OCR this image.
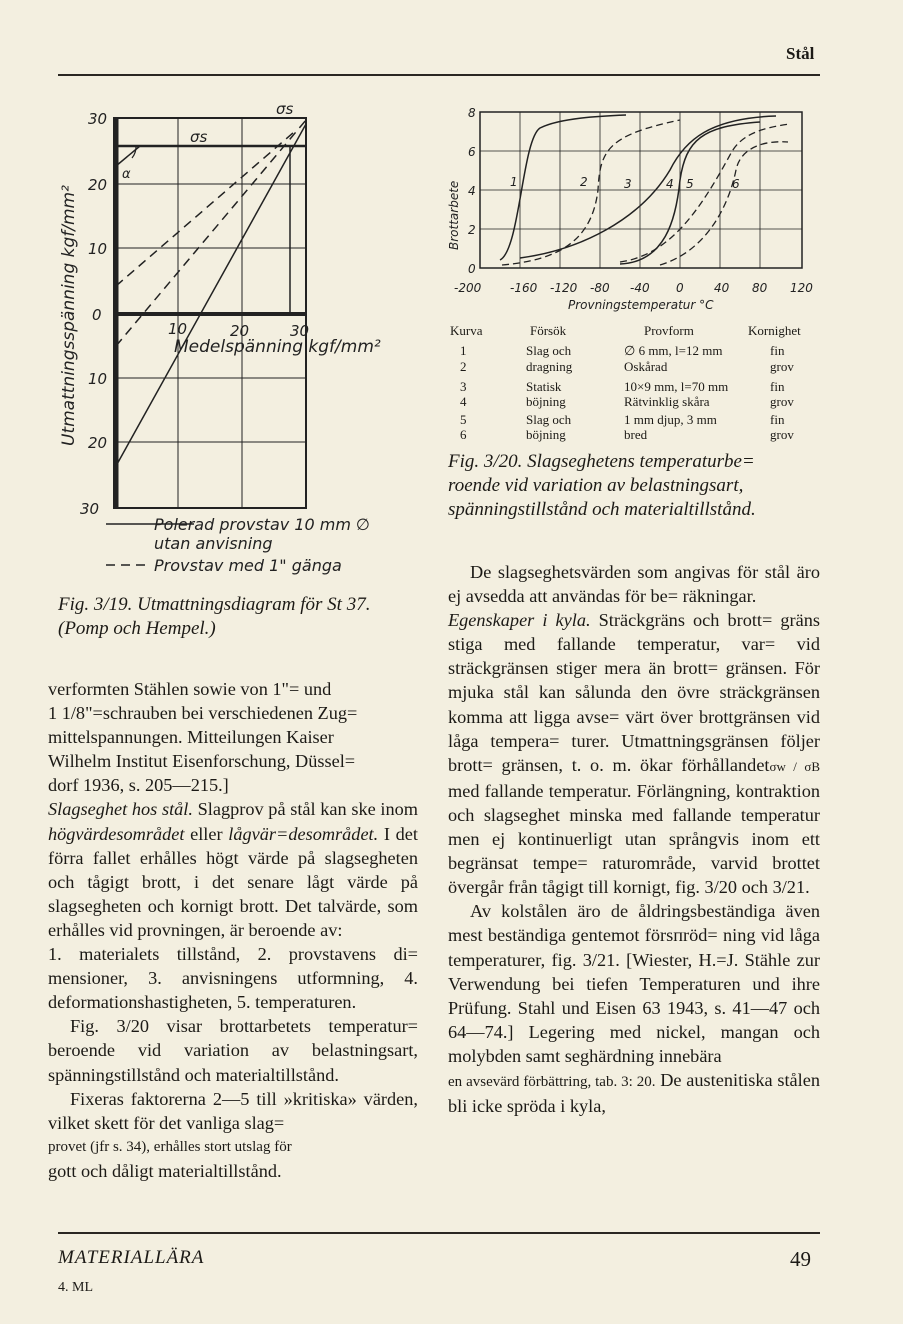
Stål
30
20
10
0
10
20
30
10	20	30
σs
σs
α
Medelspänning kgf/mm²
Utmattningsspänning kgf/mm²
Polerad provstav 10 mm ∅
utan anvisning
Provstav med 1" gänga
Fig. 3/19. Utmattningsdiagram för St 37.
(Pomp och Hempel.)
8
6
4
2
0
-200 -160 -120 -80 -40 0	40 80 120
Provningstemperatur °C
Brottarbete	1	2	3	4 5	6
Kurva	Försök	Provform	Kornighet
1	Slag och	∅ 6 mm, l=12 mm	fin
2	dragning	Oskårad	grov
3	Statisk	10×9 mm, l=70 mm	fin
4	böjning	Rätvinklig skåra	grov
5	Slag och	1 mm djup, 3 mm	fin
6	böjning	bred	grov
Fig. 3/20. Slagseghetens temperaturbe=
roende vid variation av belastningsart,
spänningstillstånd och materialtillstånd.

verformten Stählen sowie von 1"= und

1 1/8"=schrauben bei verschiedenen Zug=

mittelspannungen. Mitteilungen Kaiser

Wilhelm Institut Eisenforschung, Düssel=

dorf 1936, s. 205—215.]

Slagseghet hos stål. Slagprov på stål kan ske inom högvärdesområdet eller lågvär=desområdet. I det förra fallet erhålles högt värde på slagsegheten och tågigt brott, i det senare lågt värde på slagsegheten och kornigt brott. Det talvärde, som erhålles vid provningen, är beroende av:

1. materialets tillstånd, 2. provstavens di= mensioner, 3. anvisningens utformning, 4. deformationshastigheten, 5. temperaturen.

Fig. 3/20 visar brottarbetets temperatur= beroende vid variation av belastningsart, spänningstillstånd och materialtillstånd.

Fixeras faktorerna 2—5 till »kritiska» värden, vilket skett för det vanliga slag=

provet (jfr s. 34), erhålles stort utslag för

gott och dåligt materialtillstånd.

De slagseghetsvärden som angivas för stål äro ej avsedda att användas för be= räkningar.

Egenskaper i kyla. Sträckgräns och brott= gräns stiga med fallande temperatur, var= vid sträckgränsen stiger mera än brott= gränsen. För mjuka stål kan sålunda den övre sträckgränsen komma att ligga avse= värt över brottgränsen vid låga tempera= turer. Utmattningsgränsen följer brott= gränsen, t. o. m. ökar förhållandetσw / σB med fallande temperatur. Förlängning, kontraktion och slagseghet minska med fallande temperatur men ej kontinuerligt utan språngvis inom ett begränsat tempe= raturområde, varvid brottet övergår från tågigt till kornigt, fig. 3/20 och 3/21.

Av kolstålen äro de åldringsbeständiga även mest beständiga gentemot försпröd= ning vid låga temperaturer, fig. 3/21. [Wiester, H.=J. Stähle zur Verwendung bei tiefen Temperaturen und ihre Prüfung. Stahl und Eisen 63 1943, s. 41—47 och 64—74.] Legering med nickel, mangan och molybden samt seghärdning innebära

en avsevärd förbättring, tab. 3: 20. De austenitiska stålen bli icke spröda i kyla,

MATERIALLÄRA	49
4. ML
